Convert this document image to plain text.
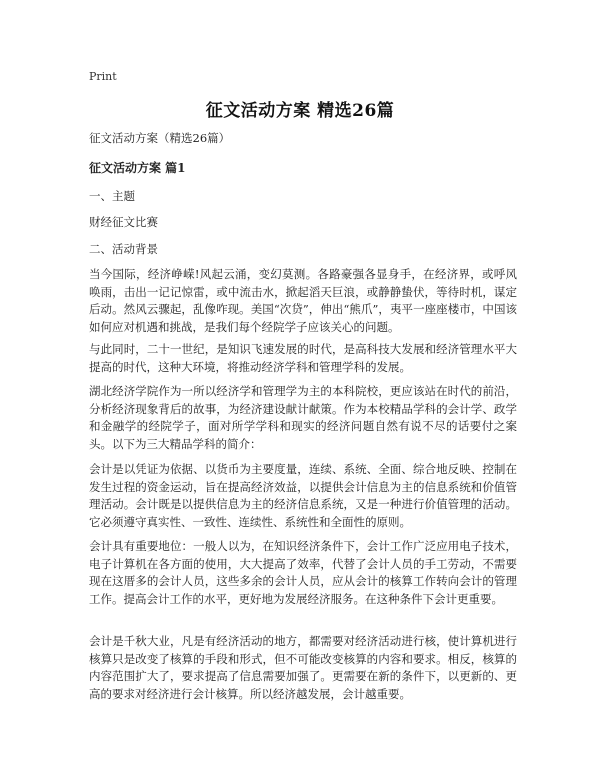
Print
征文活动方案 精选26篇
征文活动方案（精选26篇）
征文活动方案 篇1
一、主题
财经征文比赛
二、活动背景
当今国际，经济峥嵘!风起云涌，变幻莫测。各路豪强各显身手，在经济界，或呼风唤雨，击出一记记惊雷，或中流击水，掀起滔天巨浪，或静静蛰伏，等待时机，谋定后动。然风云骤起，乱像咋现。美国“次贷”，伸出“熊爪”，夷平一座座楼市，中国该如何应对机遇和挑战，是我们每个经院学子应该关心的问题。
与此同时，二十一世纪，是知识飞速发展的时代，是高科技大发展和经济管理水平大提高的时代，这种大环境，将推动经济学科和管理学科的发展。
湖北经济学院作为一所以经济学和管理学为主的本科院校，更应该站在时代的前沿，分析经济现象背后的故事，为经济建设献计献策。作为本校精品学科的会计学、政学和金融学的经院学子，面对所学学科和现实的经济问题自然有说不尽的话要付之案头。以下为三大精品学科的简介：
会计是以凭证为依据、以货币为主要度量，连续、系统、全面、综合地反映、控制在发生过程的资金运动，旨在提高经济效益，以提供会计信息为主的信息系统和价值管理活动。会计既是以提供信息为主的经济信息系统，又是一种进行价值管理的活动。它必须遵守真实性、一致性、连续性、系统性和全面性的原则。
会计具有重要地位：一般人以为，在知识经济条件下，会计工作广泛应用电子技术，电子计算机在各方面的使用，大大提高了效率，代替了会计人员的手工劳动，不需要现在这厝多的会计人员，这些多余的会计人员，应从会计的核算工作转向会计的管理工作。提高会计工作的水平，更好地为发展经济服务。在这种条件下会计更重要。
会计是千秋大业，凡是有经济活动的地方，都需要对经济活动进行核，使计算机进行核算只是改变了核算的手段和形式，但不可能改变核算的内容和要求。相反，核算的内容范围扩大了，要求提高了信息需要加强了。更需要在新的条件下，以更新的、更高的要求对经济进行会计核算。所以经济越发展，会计越重要。
